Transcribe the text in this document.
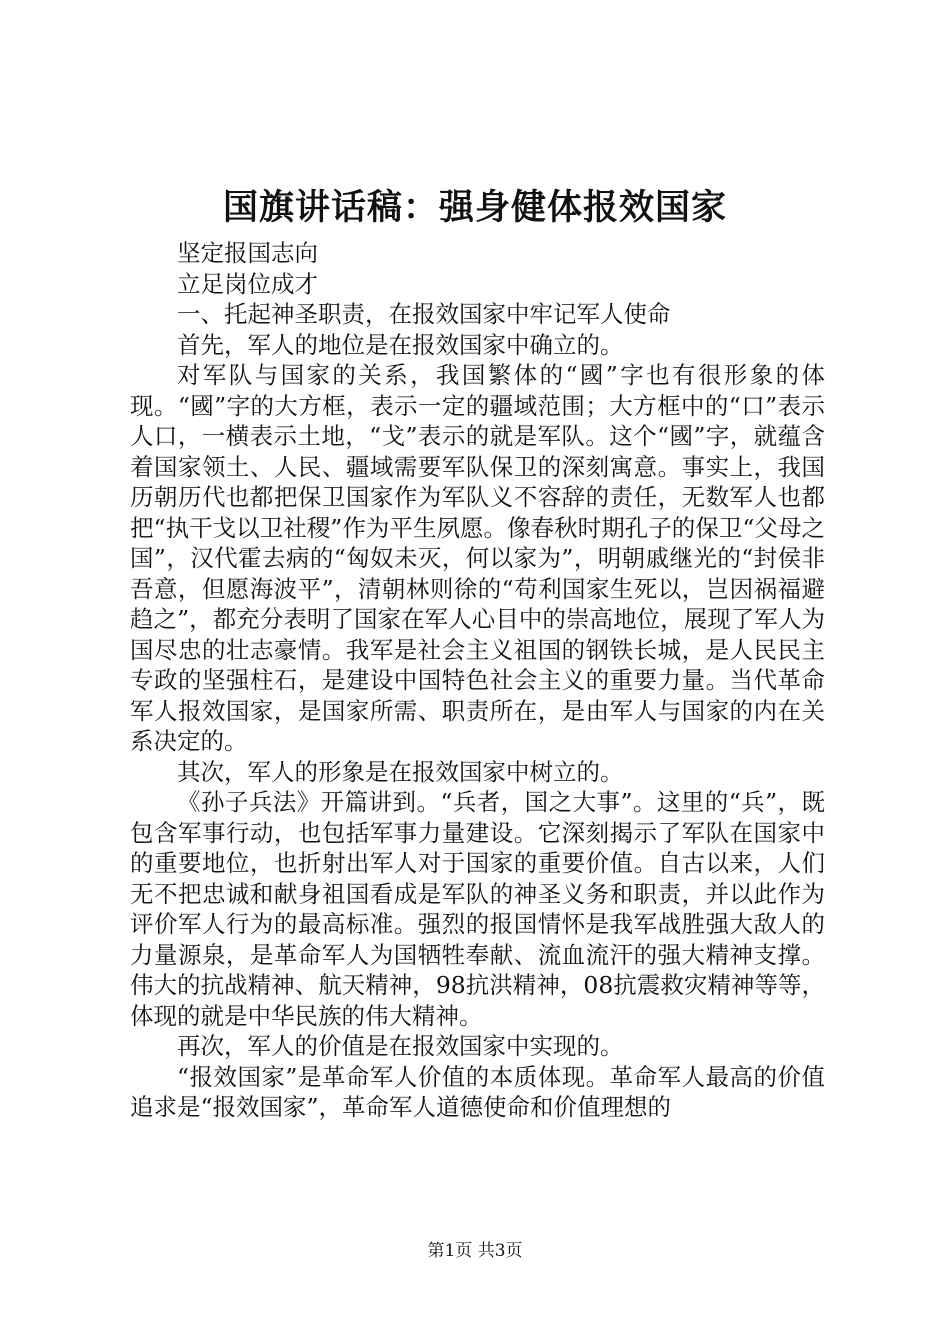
国旗讲话稿：强身健体报效国家

坚定报国志向

立足岗位成才

一、托起神圣职责，在报效国家中牢记军人使命

首先，军人的地位是在报效国家中确立的。

对军队与国家的关系，我国繁体的“國”字也有很形象的体现。“國”字的大方框，表示一定的疆域范围；大方框中的“口”表示人口，一横表示土地，“戈”表示的就是军队。这个“國”字，就蕴含着国家领土、人民、疆域需要军队保卫的深刻寓意。事实上，我国历朝历代也都把保卫国家作为军队义不容辞的责任，无数军人也都把“执干戈以卫社稷”作为平生夙愿。像春秋时期孔子的保卫“父母之国”，汉代霍去病的“匈奴未灭，何以家为”，明朝戚继光的“封侯非吾意，但愿海波平”，清朝林则徐的“苟利国家生死以，岂因祸福避趋之”，都充分表明了国家在军人心目中的崇高地位，展现了军人为国尽忠的壮志豪情。我军是社会主义祖国的钢铁长城，是人民民主专政的坚强柱石，是建设中国特色社会主义的重要力量。当代革命军人报效国家，是国家所需、职责所在，是由军人与国家的内在关系决定的。

其次，军人的形象是在报效国家中树立的。

《孙子兵法》开篇讲到。“兵者，国之大事”。这里的“兵”，既包含军事行动，也包括军事力量建设。它深刻揭示了军队在国家中的重要地位，也折射出军人对于国家的重要价值。自古以来，人们无不把忠诚和献身祖国看成是军队的神圣义务和职责，并以此作为评价军人行为的最高标准。强烈的报国情怀是我军战胜强大敌人的力量源泉，是革命军人为国牺牲奉献、流血流汗的强大精神支撑。伟大的抗战精神、航天精神，98抗洪精神，08抗震救灾精神等等，体现的就是中华民族的伟大精神。

再次，军人的价值是在报效国家中实现的。

“报效国家”是革命军人价值的本质体现。革命军人最高的价值追求是“报效国家”，革命军人道德使命和价值理想的

第1页 共3页
